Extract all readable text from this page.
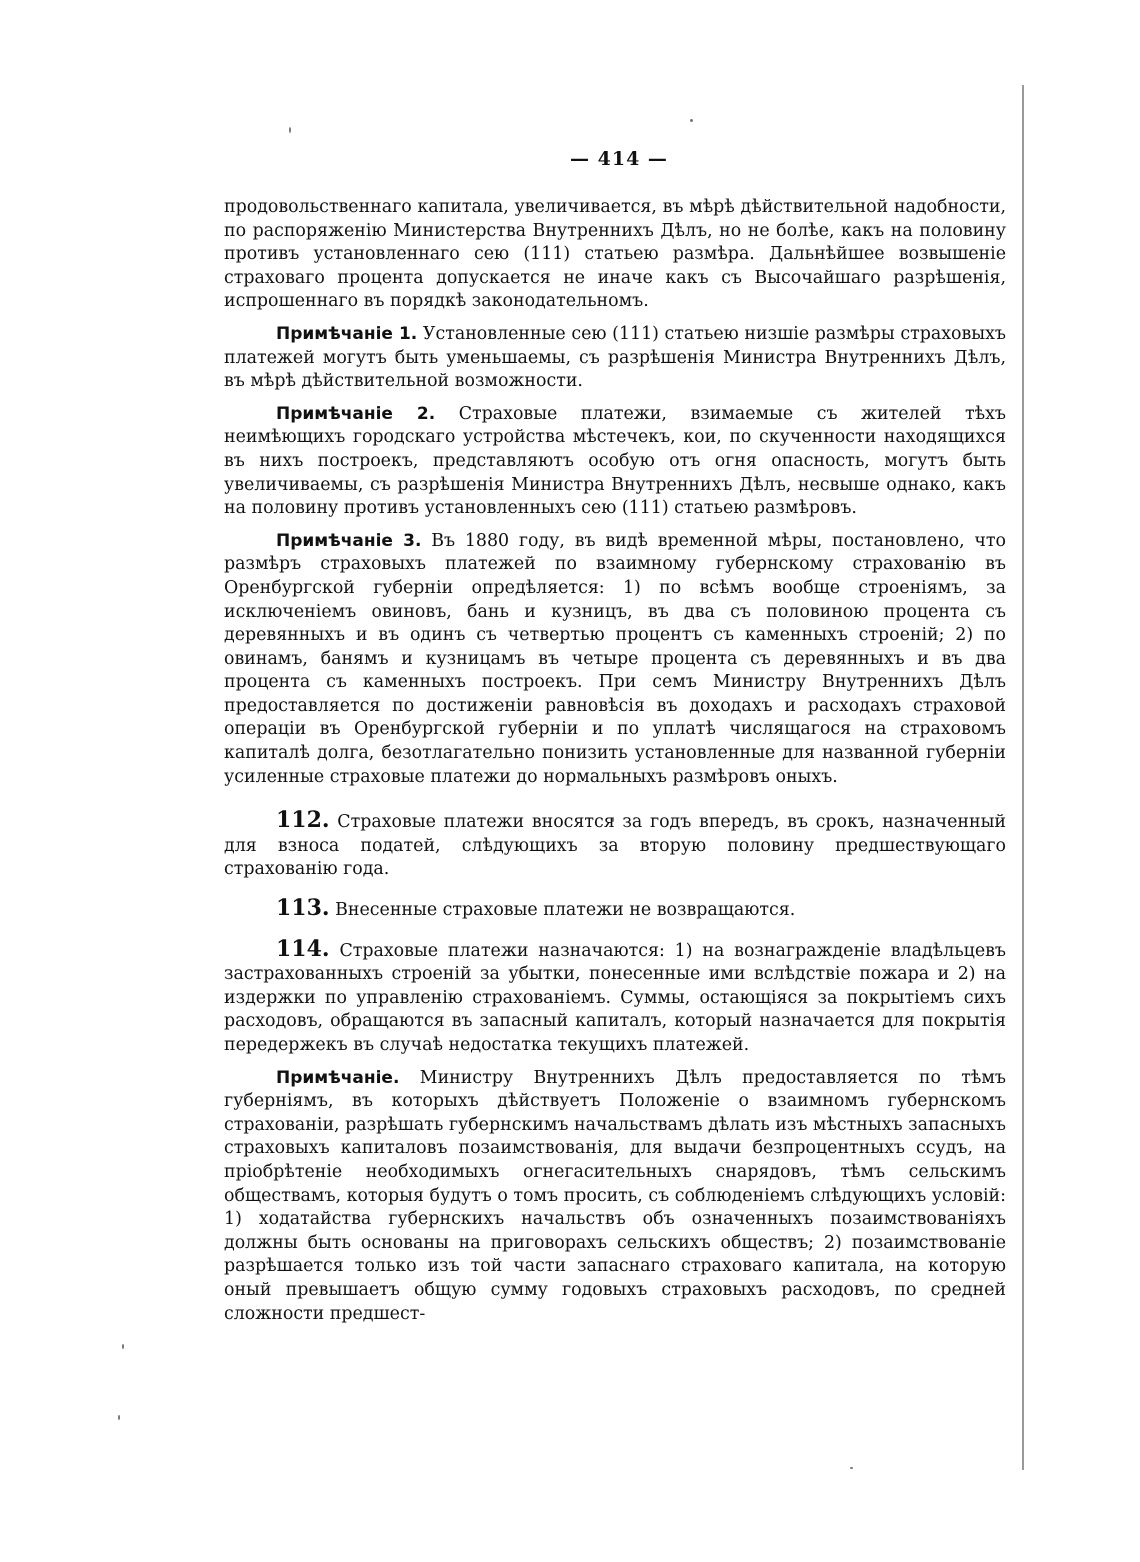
— 414 —

продовольственнаго капитала, увеличивается, въ мѣрѣ дѣйствительной надобности, по распоряженію Министерства Внутреннихъ Дѣлъ, но не болѣе, какъ на половину противъ установленнаго сею (111) статьею размѣра. Дальнѣйшее возвышеніе страховаго процента допускается не иначе какъ съ Высочайшаго разрѣшенія, испрошеннаго въ порядкѣ законодательномъ.

Примѣчаніе 1. Установленные сею (111) статьею низшіе размѣры страховыхъ платежей могутъ быть уменьшаемы, съ разрѣшенія Министра Внутреннихъ Дѣлъ, въ мѣрѣ дѣйствительной возможности.

Примѣчаніе 2. Страховые платежи, взимаемые съ жителей тѣхъ неимѣющихъ городскаго устройства мѣстечекъ, кои, по скученности находящихся въ нихъ построекъ, представляютъ особую отъ огня опасность, могутъ быть увеличиваемы, съ разрѣшенія Министра Внутреннихъ Дѣлъ, несвыше однако, какъ на половину противъ установленныхъ сею (111) статьею размѣровъ.

Примѣчаніе 3. Въ 1880 году, въ видѣ временной мѣры, постановлено, что размѣръ страховыхъ платежей по взаимному губернскому страхованію въ Оренбургской губерніи опредѣляется: 1) по всѣмъ вообще строеніямъ, за исключеніемъ овиновъ, бань и кузницъ, въ два съ половиною процента съ деревянныхъ и въ одинъ съ четвертью процентъ съ каменныхъ строеній; 2) по овинамъ, банямъ и кузницамъ въ четыре процента съ деревянныхъ и въ два процента съ каменныхъ построекъ. При семъ Министру Внутреннихъ Дѣлъ предоставляется по достиженіи равновѣсія въ доходахъ и расходахъ страховой операціи въ Оренбургской губерніи и по уплатѣ числящагося на страховомъ капиталѣ долга, безотлагательно понизить установленные для названной губерніи усиленные страховые платежи до нормальныхъ размѣровъ оныхъ.

112. Страховые платежи вносятся за годъ впередъ, въ срокъ, назначенный для взноса податей, слѣдующихъ за вторую половину предшествующаго страхованію года.

113. Внесенные страховые платежи не возвращаются.

114. Страховые платежи назначаются: 1) на вознагражденіе владѣльцевъ застрахованныхъ строеній за убытки, понесенные ими вслѣдствіе пожара и 2) на издержки по управленію страхованіемъ. Суммы, остающіяся за покрытіемъ сихъ расходовъ, обращаются въ запасный капиталъ, который назначается для покрытія передержекъ въ случаѣ недостатка текущихъ платежей.

Примѣчаніе. Министру Внутреннихъ Дѣлъ предоставляется по тѣмъ губерніямъ, въ которыхъ дѣйствуетъ Положеніе о взаимномъ губернскомъ страхованіи, разрѣшать губернскимъ начальствамъ дѣлать изъ мѣстныхъ запасныхъ страховыхъ капиталовъ позаимствованія, для выдачи безпроцентныхъ ссудъ, на пріобрѣтеніе необходимыхъ огнегасительныхъ снарядовъ, тѣмъ сельскимъ обществамъ, которыя будутъ о томъ просить, съ соблюденіемъ слѣдующихъ условій: 1) ходатайства губернскихъ начальствъ объ означенныхъ позаимствованіяхъ должны быть основаны на приговорахъ сельскихъ обществъ; 2) позаимствованіе разрѣшается только изъ той части запаснаго страховаго капитала, на которую оный превышаетъ общую сумму годовыхъ страховыхъ расходовъ, по средней сложности предшест-
